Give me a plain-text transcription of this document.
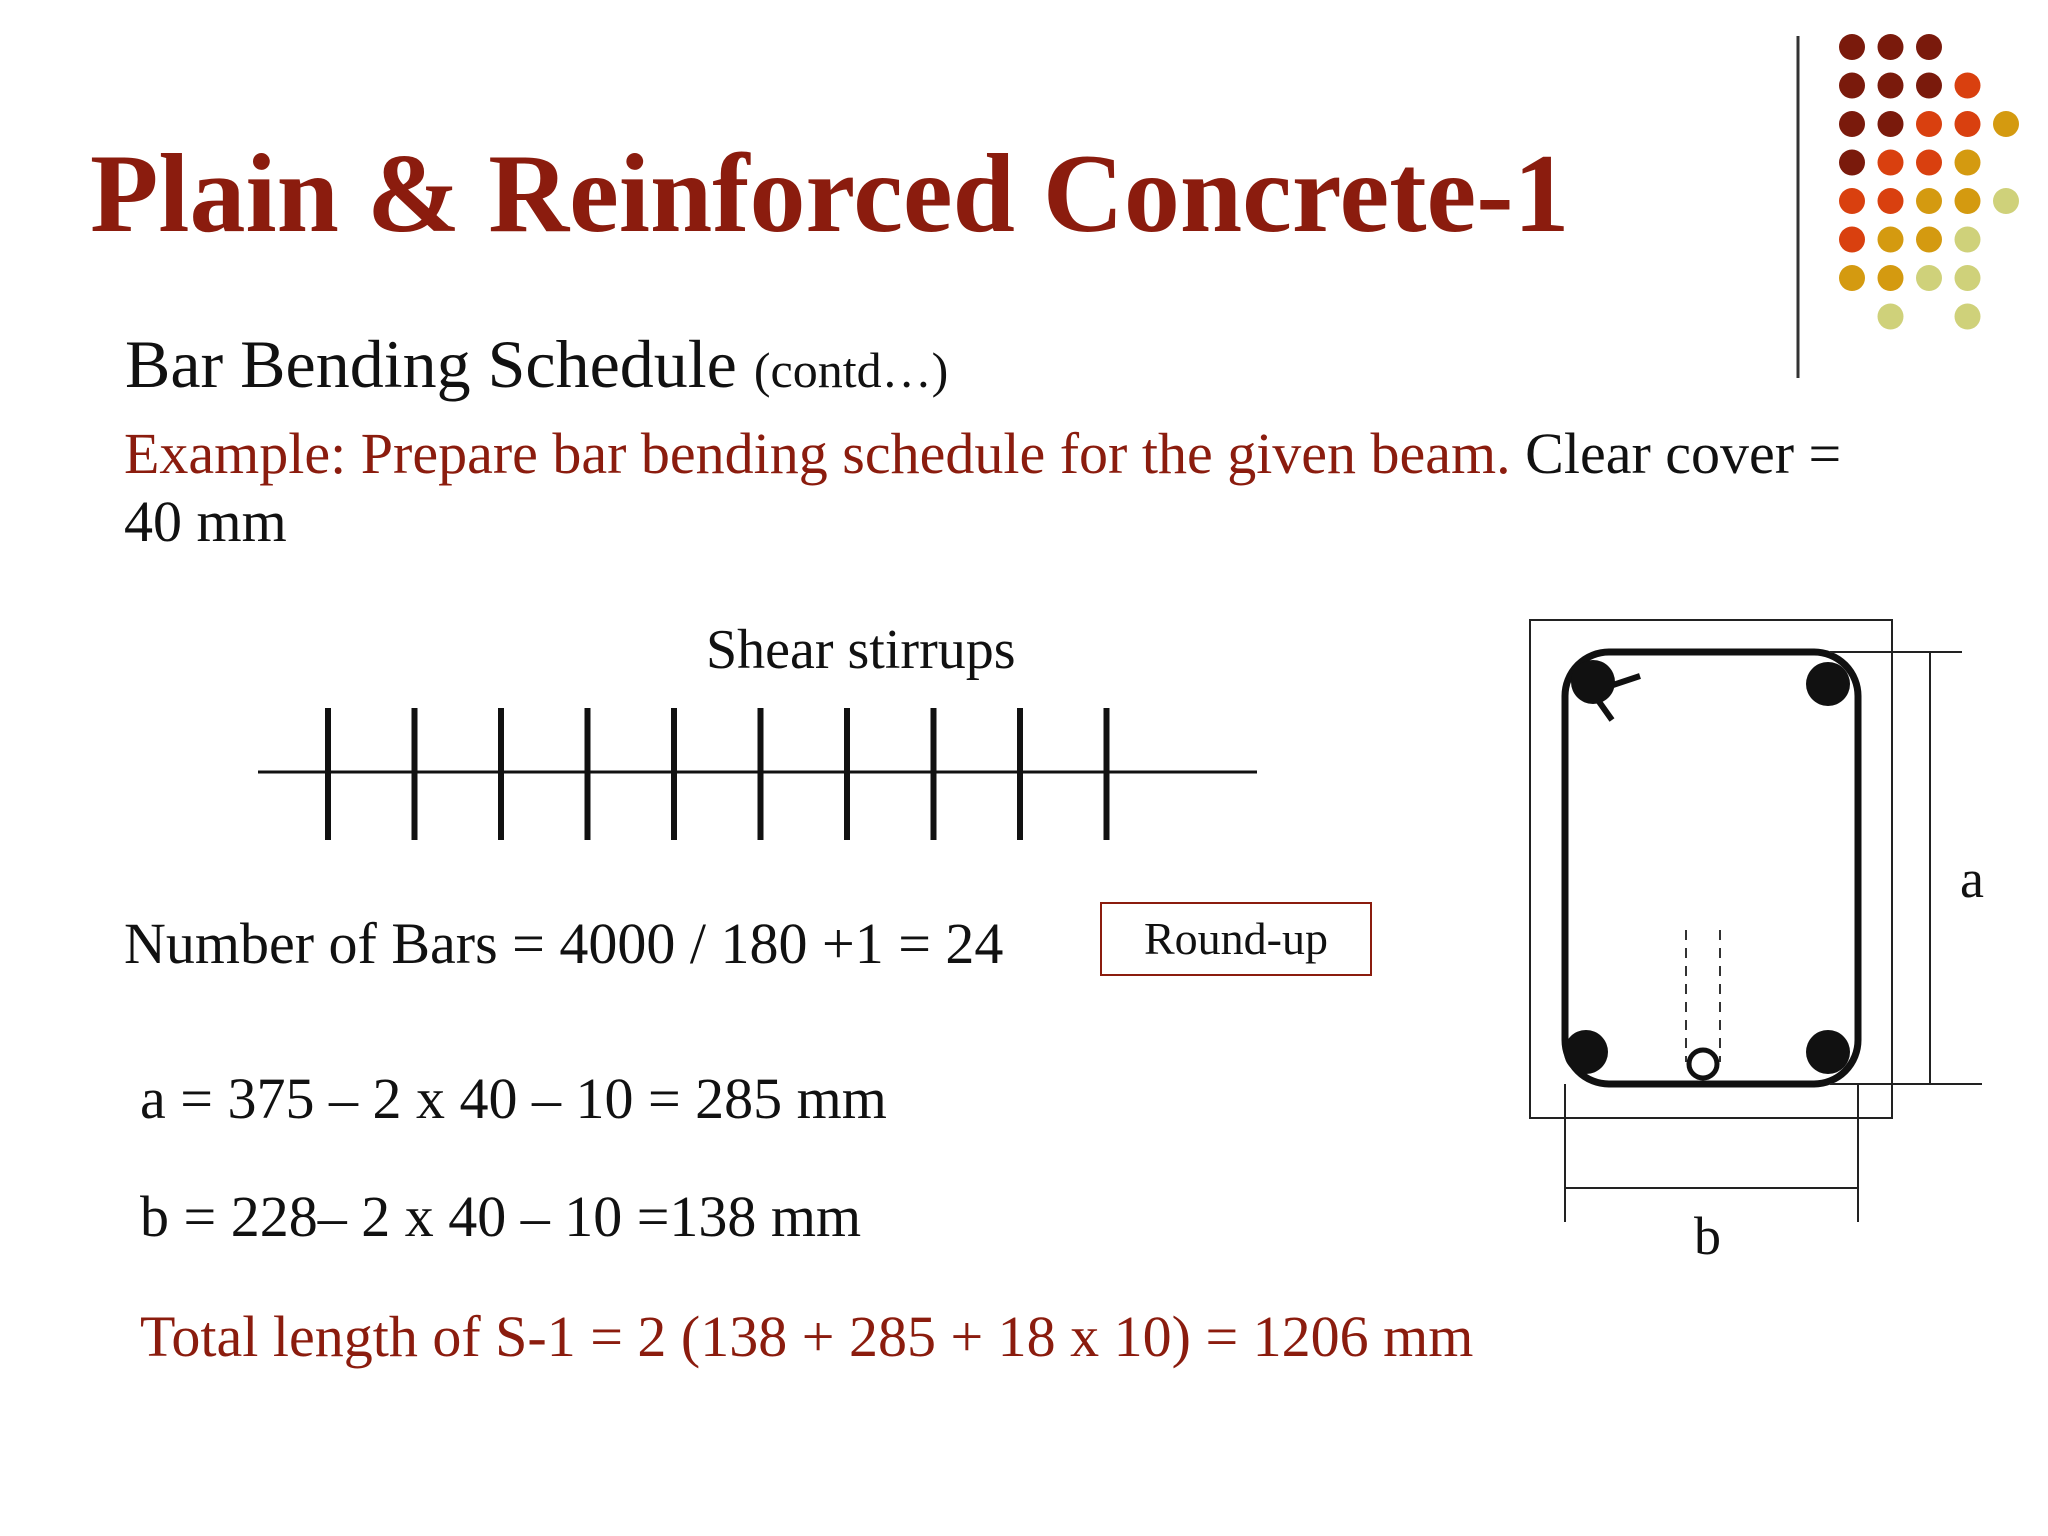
Plain & Reinforced Concrete-1

Bar Bending Schedule (contd…)

Example: Prepare bar bending schedule for the given beam. Clear cover = 40 mm

Shear stirrups

Number of Bars = 4000 / 180 +1 = 24	Round-up

a = 375 – 2 x 40 – 10 = 285 mm

b = 228– 2 x 40 – 10 =138 mm

Total length of S-1 = 2 (138 + 285 + 18 x 10) = 1206 mm

a
b
